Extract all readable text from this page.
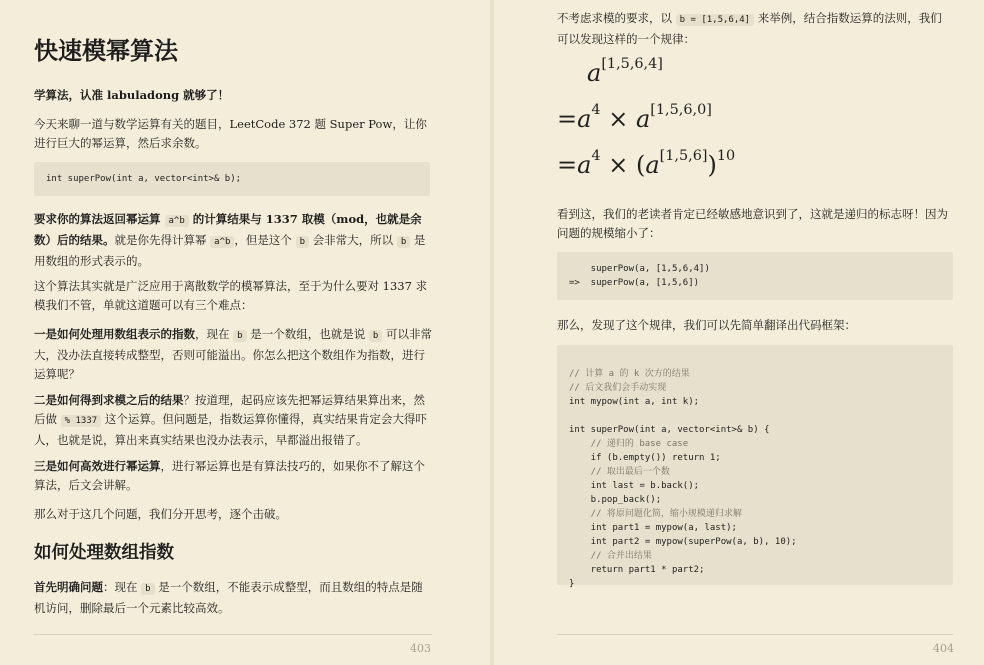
快速模幂算法

学算法，认准 labuladong 就够了！

今天来聊一道与数学运算有关的题目，LeetCode 372 题 Super Pow，让你进行巨大的幂运算，然后求余数。

int superPow(int a, vector<int>& b);

要求你的算法返回幂运算 a^b 的计算结果与 1337 取模（mod，也就是余数）后的结果。就是你先得计算幂 a^b ，但是这个 b 会非常大，所以 b 是用数组的形式表示的。

这个算法其实就是广泛应用于离散数学的模幂算法，至于为什么要对 1337 求模我们不管，单就这道题可以有三个难点：

一是如何处理用数组表示的指数，现在 b 是一个数组，也就是说 b 可以非常大，没办法直接转成整型，否则可能溢出。你怎么把这个数组作为指数，进行运算呢？

二是如何得到求模之后的结果？按道理，起码应该先把幂运算结果算出来，然后做 % 1337 这个运算。但问题是，指数运算你懂得，真实结果肯定会大得吓人，也就是说，算出来真实结果也没办法表示，早都溢出报错了。

三是如何高效进行幂运算，进行幂运算也是有算法技巧的，如果你不了解这个算法，后文会讲解。

那么对于这几个问题，我们分开思考，逐个击破。

如何处理数组指数

首先明确问题：现在 b 是一个数组，不能表示成整型，而且数组的特点是随机访问，删除最后一个元素比较高效。

403

不考虑求模的要求，以 b = [1,5,6,4] 来举例，结合指数运算的法则，我们可以发现这样的一个规律：

a[1,5,6,4]
$=a^4 \times a[1,5,6,0]$
$=a^4 \times (a[1,5,6])^{10}$

看到这，我们的老读者肯定已经敏感地意识到了，这就是递归的标志呀！因为问题的规模缩小了：

superPow(a, [1,5,6,4])
=>  superPow(a, [1,5,6])

那么，发现了这个规律，我们可以先简单翻译出代码框架：

// 计算 a 的 k 次方的结果
// 后文我们会手动实现
int mypow(int a, int k);

int superPow(int a, vector<int>& b) {
// 递归的 base case
if (b.empty()) return 1;
// 取出最后一个数
int last = b.back();
b.pop_back();
// 将原问题化简，缩小规模递归求解
int part1 = mypow(a, last);
int part2 = mypow(superPow(a, b), 10);
// 合并出结果
return part1 * part2;
}
404
